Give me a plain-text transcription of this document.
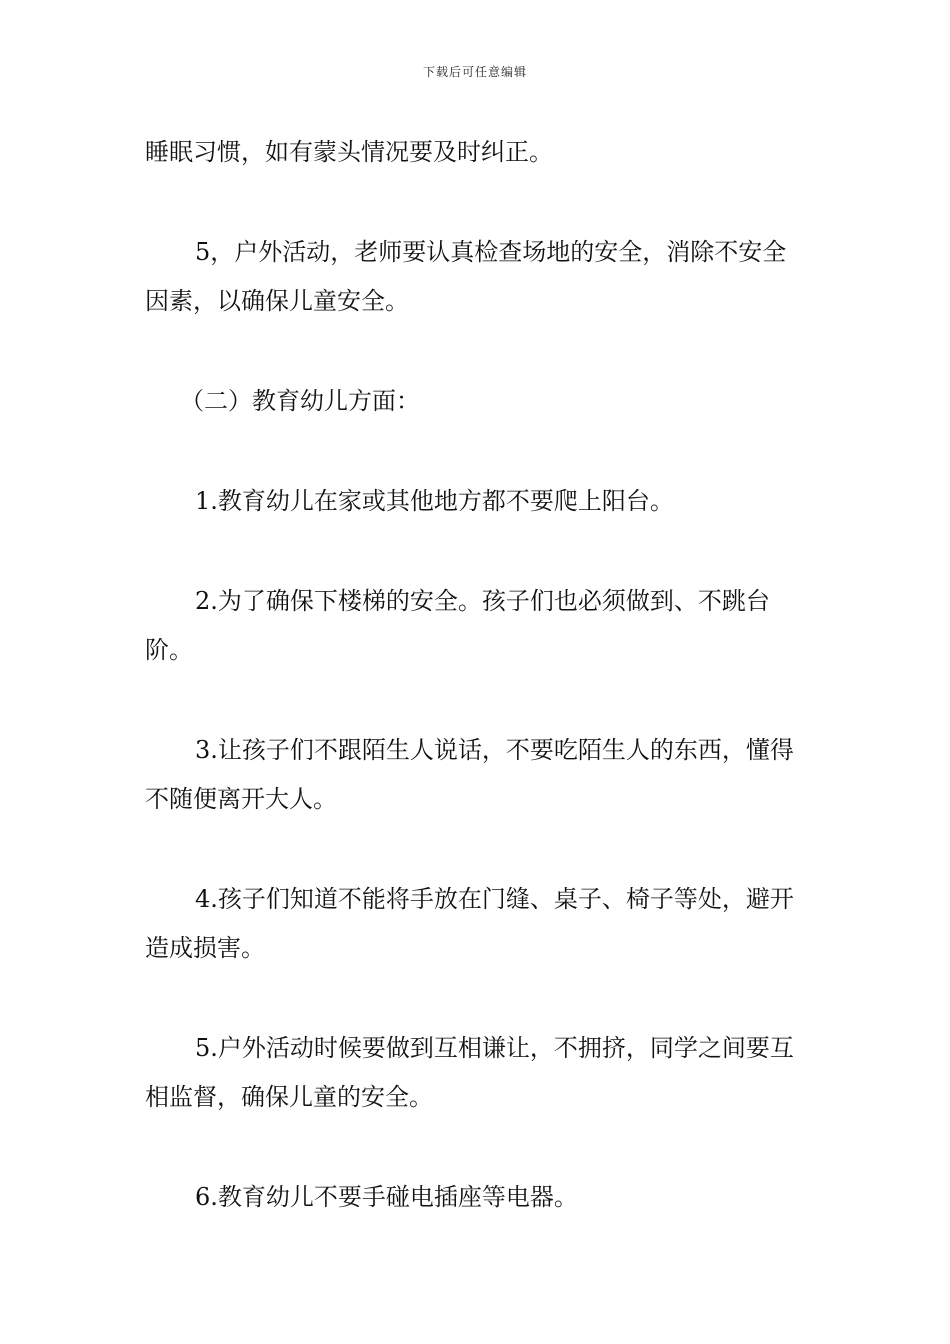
下载后可任意编辑

睡眠习惯，如有蒙头情况要及时纠正。

5，户外活动，老师要认真检查场地的安全，消除不安全因素，以确保儿童安全。

（二）教育幼儿方面：

1.教育幼儿在家或其他地方都不要爬上阳台。

2.为了确保下楼梯的安全。孩子们也必须做到、不跳台阶。

3.让孩子们不跟陌生人说话，不要吃陌生人的东西，懂得不随便离开大人。

4.孩子们知道不能将手放在门缝、桌子、椅子等处，避开造成损害。

5.户外活动时候要做到互相谦让，不拥挤，同学之间要互相监督，确保儿童的安全。

6.教育幼儿不要手碰电插座等电器。
